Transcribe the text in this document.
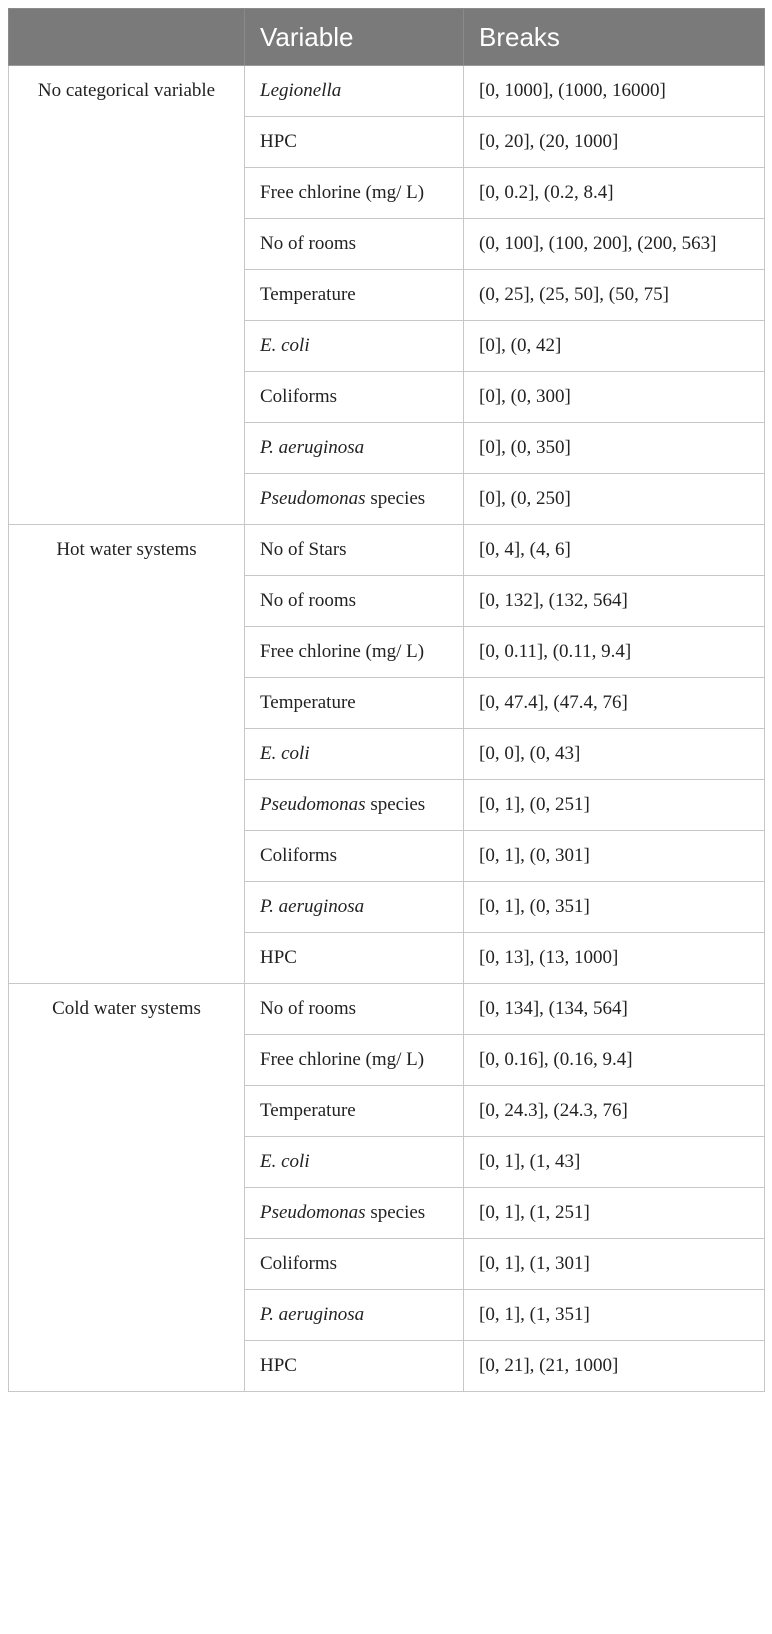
	Variable	Breaks
No categorical variable	Legionella	[0, 1000], (1000, 16000]
	HPC	[0, 20], (20, 1000]
	Free chlorine (mg/ L)	[0, 0.2], (0.2, 8.4]
	No of rooms	(0, 100], (100, 200], (200, 563]
	Temperature	(0, 25], (25, 50], (50, 75]
	E. coli	[0], (0, 42]
	Coliforms	[0], (0, 300]
	P. aeruginosa	[0], (0, 350]
	Pseudomonas species	[0], (0, 250]
Hot water systems	No of Stars	[0, 4], (4, 6]
	No of rooms	[0, 132], (132, 564]
	Free chlorine (mg/ L)	[0, 0.11], (0.11, 9.4]
	Temperature	[0, 47.4], (47.4, 76]
	E. coli	[0, 0], (0, 43]
	Pseudomonas species	[0, 1], (0, 251]
	Coliforms	[0, 1], (0, 301]
	P. aeruginosa	[0, 1], (0, 351]
	HPC	[0, 13], (13, 1000]
Cold water systems	No of rooms	[0, 134], (134, 564]
	Free chlorine (mg/ L)	[0, 0.16], (0.16, 9.4]
	Temperature	[0, 24.3], (24.3, 76]
	E. coli	[0, 1], (1, 43]
	Pseudomonas species	[0, 1], (1, 251]
	Coliforms	[0, 1], (1, 301]
	P. aeruginosa	[0, 1], (1, 351]
	HPC	[0, 21], (21, 1000]
